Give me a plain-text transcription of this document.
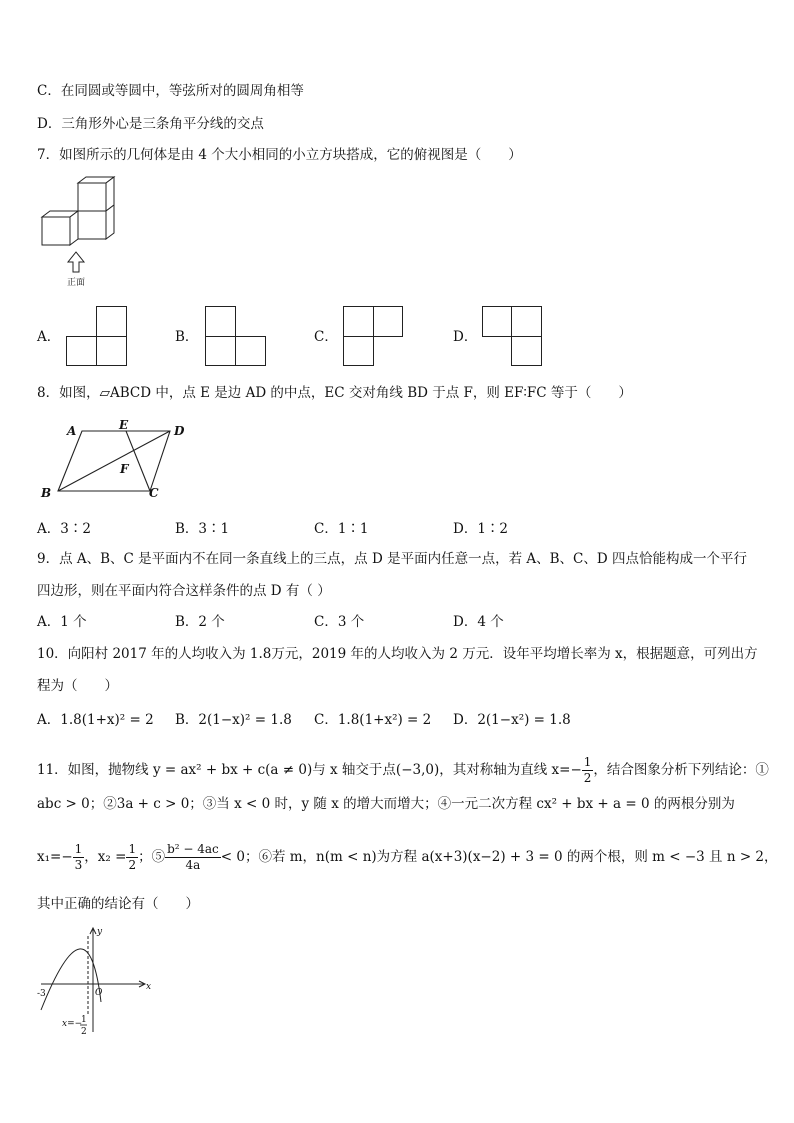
C．在同圆或等圆中，等弦所对的圆周角相等
D．三角形外心是三条角平分线的交点
7．如图所示的几何体是由 4 个大小相同的小立方块搭成，它的俯视图是（　　）
正面
A．	B．	C．	D．
8．如图，▱ABCD 中，点 E 是边 AD 的中点，EC 交对角线 BD 于点 F，则 EF∶FC 等于（　　）
A	E	D
F
B	C
A．3∶2	B．3∶1	C．1∶1	D．1∶2
9．点 A、B、C 是平面内不在同一条直线上的三点，点 D 是平面内任意一点，若 A、B、C、D 四点恰能构成一个平行
四边形，则在平面内符合这样条件的点 D 有（ ）
A．1 个	B．2 个	C．3 个	D．4 个
10．向阳村 2017 年的人均收入为 1.8万元，2019 年的人均收入为 2 万元．设年平均增长率为 x，根据题意，可列出方
程为（　　）
A．1.8(1+x)² = 2 B．2(1−x)² = 1.8 C．1.8(1+x²) = 2 D．2(1−x²) = 1.8
11．如图，抛物线 y = ax² + bx + c(a ≠ 0)与 x 轴交于点(−3,0)，其对称轴为直线 $x=- \frac{1}{2}$ ，结合图象分析下列结论：①
abc > 0；②3a + c > 0；③当 x < 0 时，y 随 x 的增大而增大；④一元二次方程 cx² + bx + a = 0 的两根分别为
$x_1=- \frac{1}{3}$ ，$x_2 = \frac{1}{2}$ ；⑤ $\frac{\text{b² − 4ac}}{4a} < 0$；⑥若 m，n(m < n)为方程 a(x+3)(x−2) + 3 = 0 的两个根，则 m < −3 且 n > 2，
其中正确的结论有（　　）
y
x
O
-3
x=−
1
2
